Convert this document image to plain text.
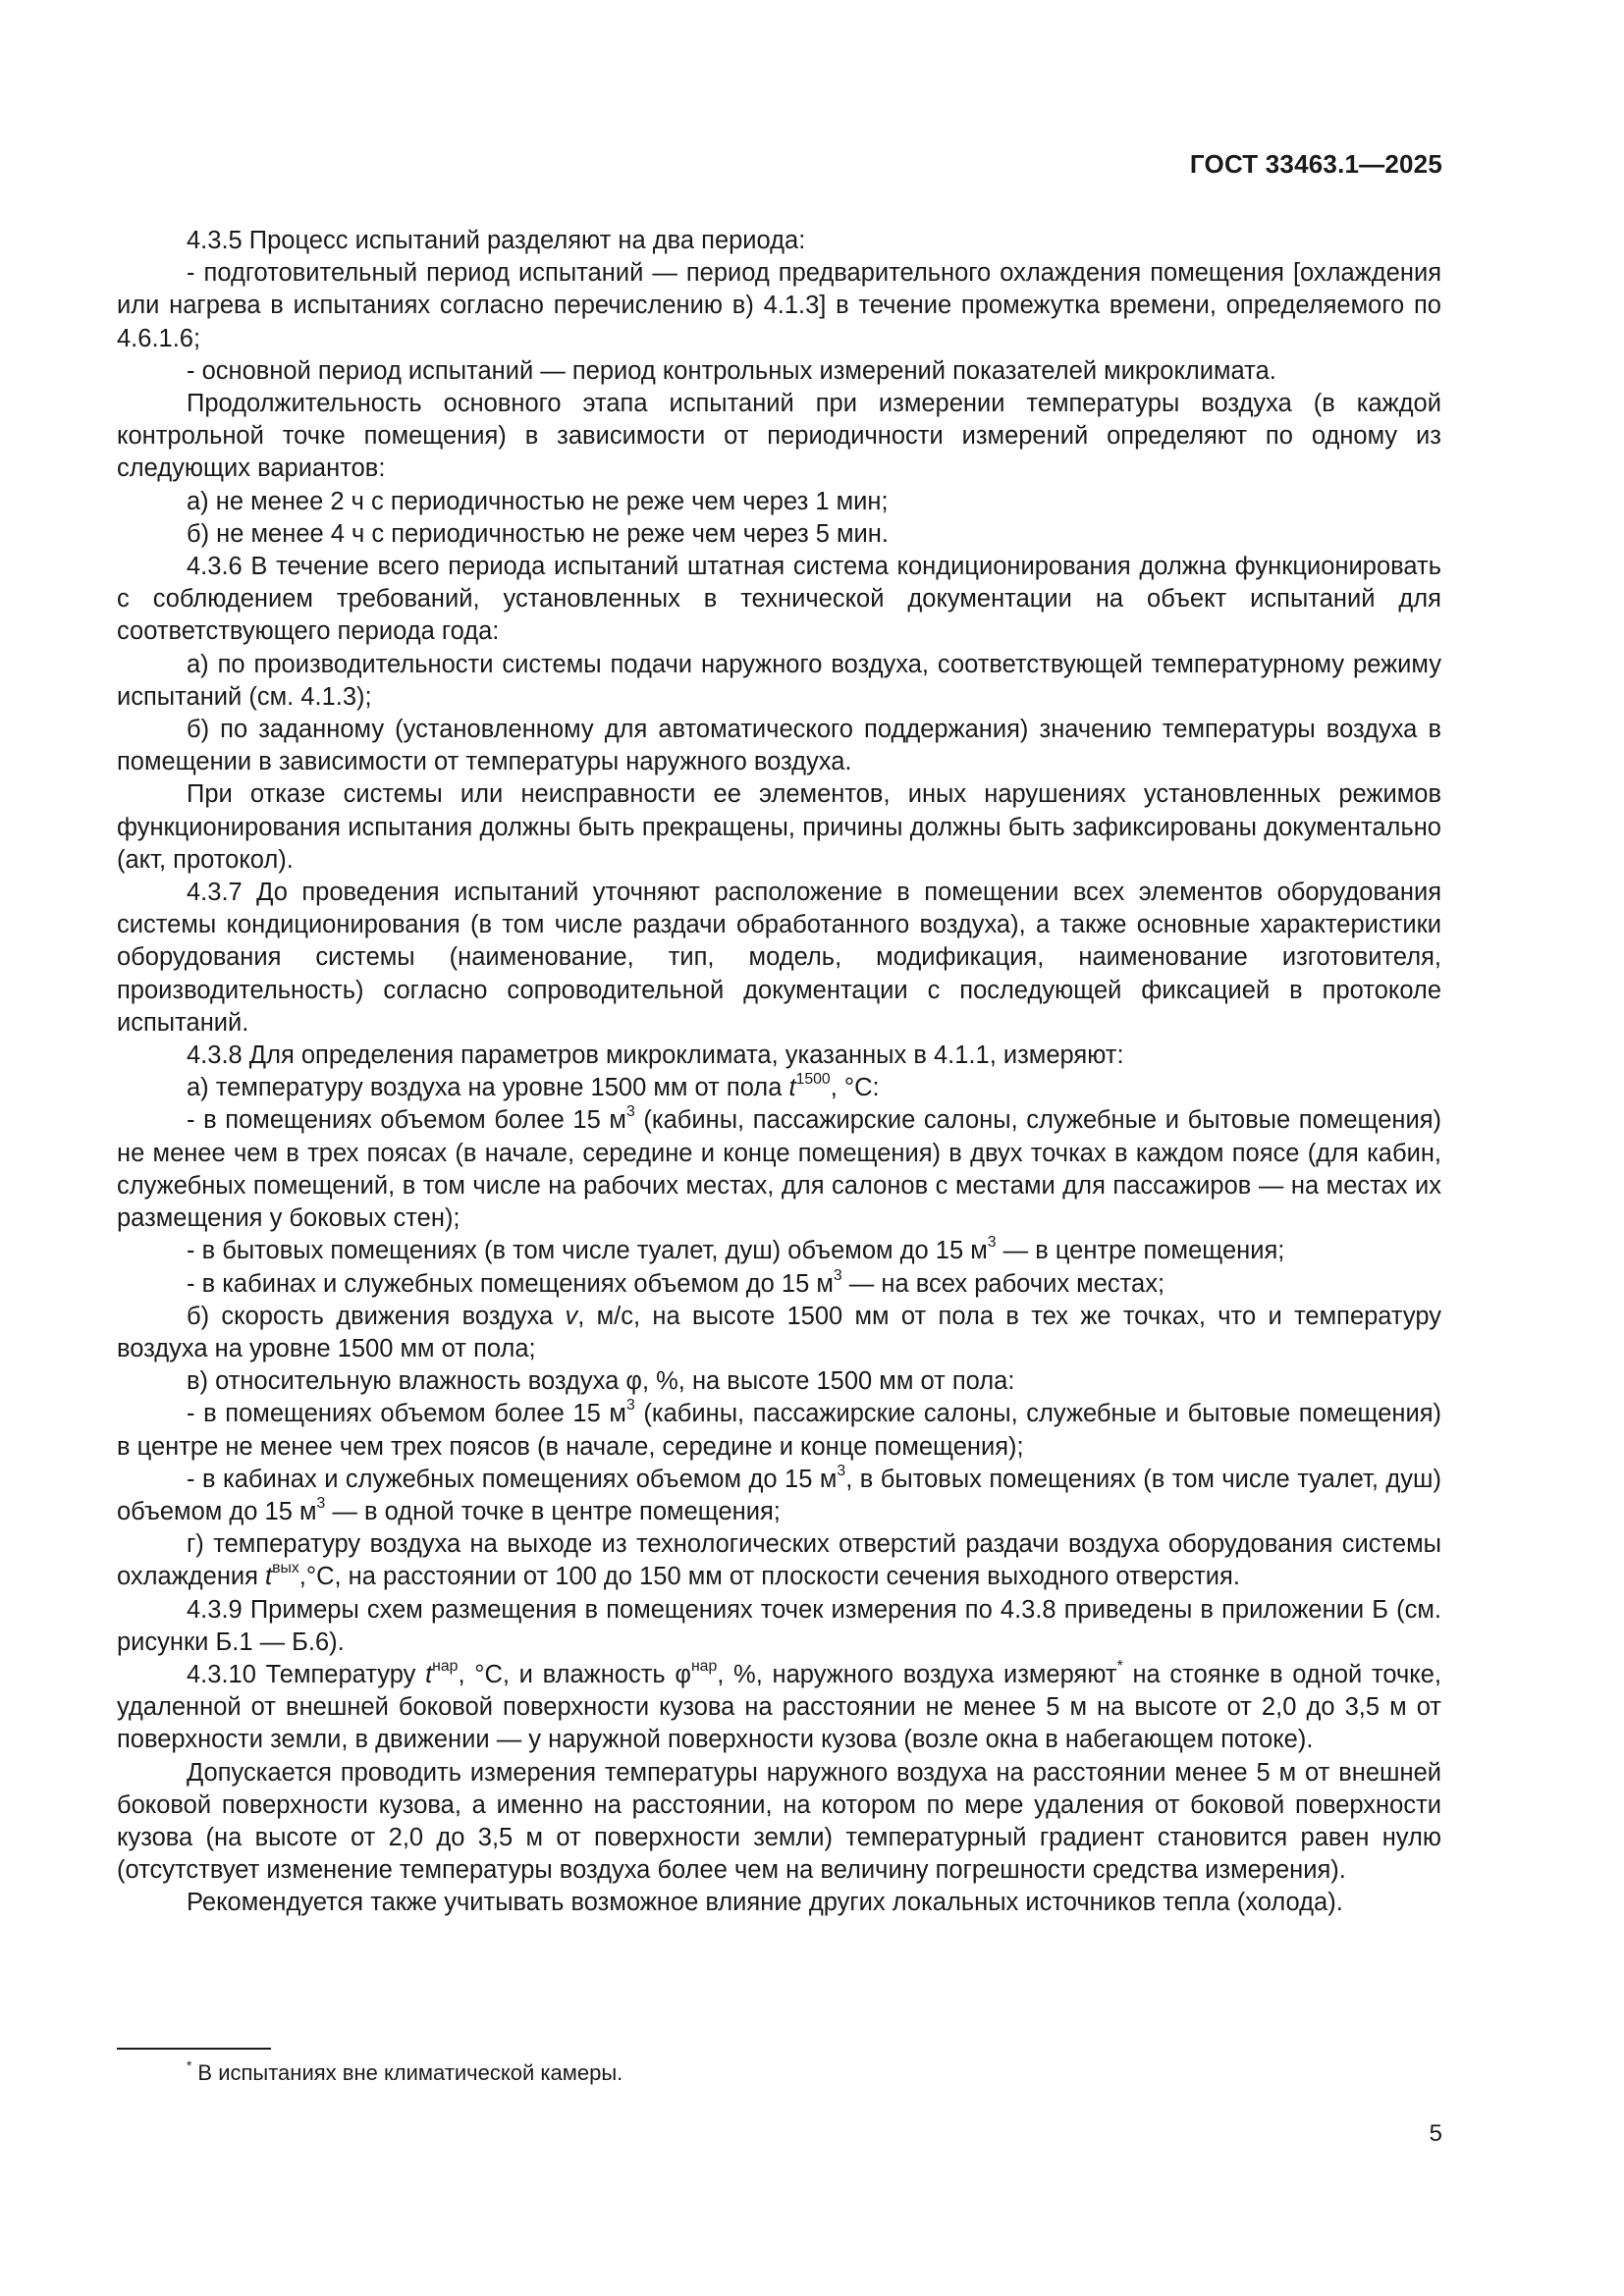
ГОСТ 33463.1—2025

4.3.5 Процесс испытаний разделяют на два периода:

- подготовительный период испытаний — период предварительного охлаждения помещения [охлаждения или нагрева в испытаниях согласно перечислению в) 4.1.3] в течение промежутка времени, определяемого по 4.6.1.6;

- основной период испытаний — период контрольных измерений показателей микроклимата.

Продолжительность основного этапа испытаний при измерении температуры воздуха (в каждой контрольной точке помещения) в зависимости от периодичности измерений определяют по одному из следующих вариантов:

а) не менее 2 ч с периодичностью не реже чем через 1 мин;

б) не менее 4 ч с периодичностью не реже чем через 5 мин.

4.3.6 В течение всего периода испытаний штатная система кондиционирования должна функционировать с соблюдением требований, установленных в технической документации на объект испытаний для соответствующего периода года:

а) по производительности системы подачи наружного воздуха, соответствующей температурному режиму испытаний (см. 4.1.3);

б) по заданному (установленному для автоматического поддержания) значению температуры воздуха в помещении в зависимости от температуры наружного воздуха.

При отказе системы или неисправности ее элементов, иных нарушениях установленных режимов функционирования испытания должны быть прекращены, причины должны быть зафиксированы документально (акт, протокол).

4.3.7 До проведения испытаний уточняют расположение в помещении всех элементов оборудования системы кондиционирования (в том числе раздачи обработанного воздуха), а также основные характеристики оборудования системы (наименование, тип, модель, модификация, наименование изготовителя, производительность) согласно сопроводительной документации с последующей фиксацией в протоколе испытаний.

4.3.8 Для определения параметров микроклимата, указанных в 4.1.1, измеряют:

а) температуру воздуха на уровне 1500 мм от пола $t^{1500}$, °С:

- в помещениях объемом более 15 $м^3$ (кабины, пассажирские салоны, служебные и бытовые помещения) не менее чем в трех поясах (в начале, середине и конце помещения) в двух точках в каждом поясе (для кабин, служебных помещений, в том числе на рабочих местах, для салонов с местами для пассажиров — на местах их размещения у боковых стен);

- в бытовых помещениях (в том числе туалет, душ) объемом до 15 $м^3$ — в центре помещения;

- в кабинах и служебных помещениях объемом до 15 $м^3$ — на всех рабочих местах;

б) скорость движения воздуха v, м/с, на высоте 1500 мм от пола в тех же точках, что и температуру воздуха на уровне 1500 мм от пола;

в) относительную влажность воздуха φ, %, на высоте 1500 мм от пола:

- в помещениях объемом более 15 $м^3$ (кабины, пассажирские салоны, служебные и бытовые помещения) в центре не менее чем трех поясов (в начале, середине и конце помещения);

- в кабинах и служебных помещениях объемом до 15 $м^3$, в бытовых помещениях (в том числе туалет, душ) объемом до 15 $м^3$ — в одной точке в центре помещения;

г) температуру воздуха на выходе из технологических отверстий раздачи воздуха оборудования системы охлаждения $t^{вых},^\circ С$, на расстоянии от 100 до 150 мм от плоскости сечения выходного отверстия.

4.3.9 Примеры схем размещения в помещениях точек измерения по 4.3.8 приведены в приложении Б (см. рисунки Б.1 — Б.6).

4.3.10 Температуру $t^{нар}$, °С, и влажность $\varphi^{нар}$, %, наружного воздуха измеряют* на стоянке в одной точке, удаленной от внешней боковой поверхности кузова на расстоянии не менее 5 м на высоте от 2,0 до 3,5 м от поверхности земли, в движении — у наружной поверхности кузова (возле окна в набегающем потоке).

Допускается проводить измерения температуры наружного воздуха на расстоянии менее 5 м от внешней боковой поверхности кузова, а именно на расстоянии, на котором по мере удаления от боковой поверхности кузова (на высоте от 2,0 до 3,5 м от поверхности земли) температурный градиент становится равен нулю (отсутствует изменение температуры воздуха более чем на величину погрешности средства измерения).

Рекомендуется также учитывать возможное влияние других локальных источников тепла (холода).

* В испытаниях вне климатической камеры.
5
